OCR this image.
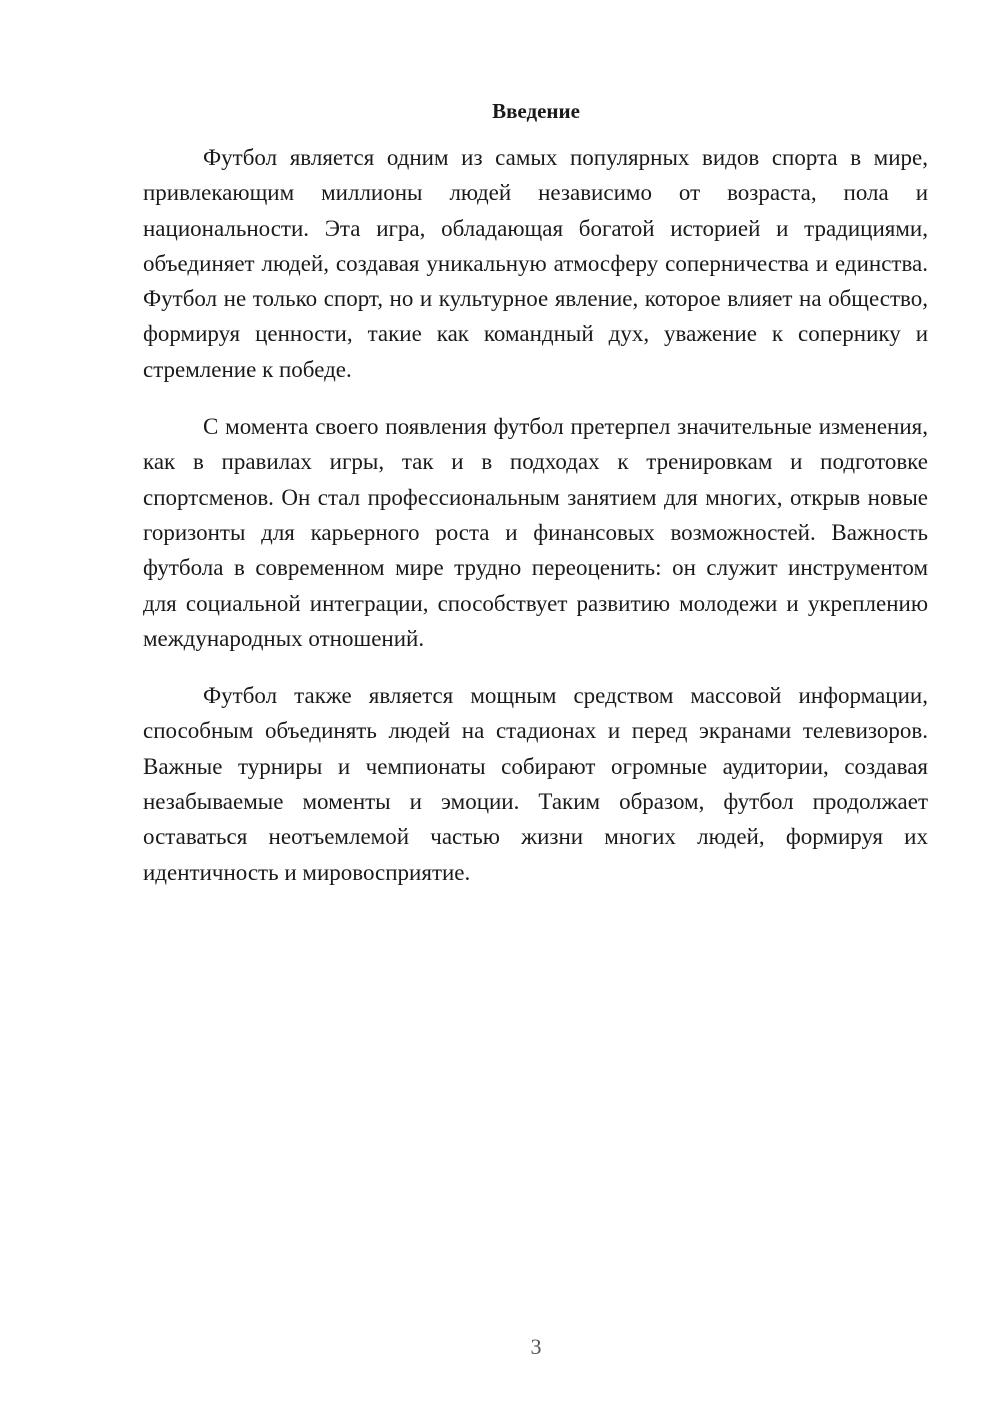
Введение

Футбол является одним из самых популярных видов спорта в мире, привлекающим миллионы людей независимо от возраста, пола и национальности. Эта игра, обладающая богатой историей и традициями, объединяет людей, создавая уникальную атмосферу соперничества и единства. Футбол не только спорт, но и культурное явление, которое влияет на общество, формируя ценности, такие как командный дух, уважение к сопернику и стремление к победе.

С момента своего появления футбол претерпел значительные изменения, как в правилах игры, так и в подходах к тренировкам и подготовке спортсменов. Он стал профессиональным занятием для многих, открыв новые горизонты для карьерного роста и финансовых возможностей. Важность футбола в современном мире трудно переоценить: он служит инструментом для социальной интеграции, способствует развитию молодежи и укреплению международных отношений.

Футбол также является мощным средством массовой информации, способным объединять людей на стадионах и перед экранами телевизоров. Важные турниры и чемпионаты собирают огромные аудитории, создавая незабываемые моменты и эмоции. Таким образом, футбол продолжает оставаться неотъемлемой частью жизни многих людей, формируя их идентичность и мировосприятие.

3
